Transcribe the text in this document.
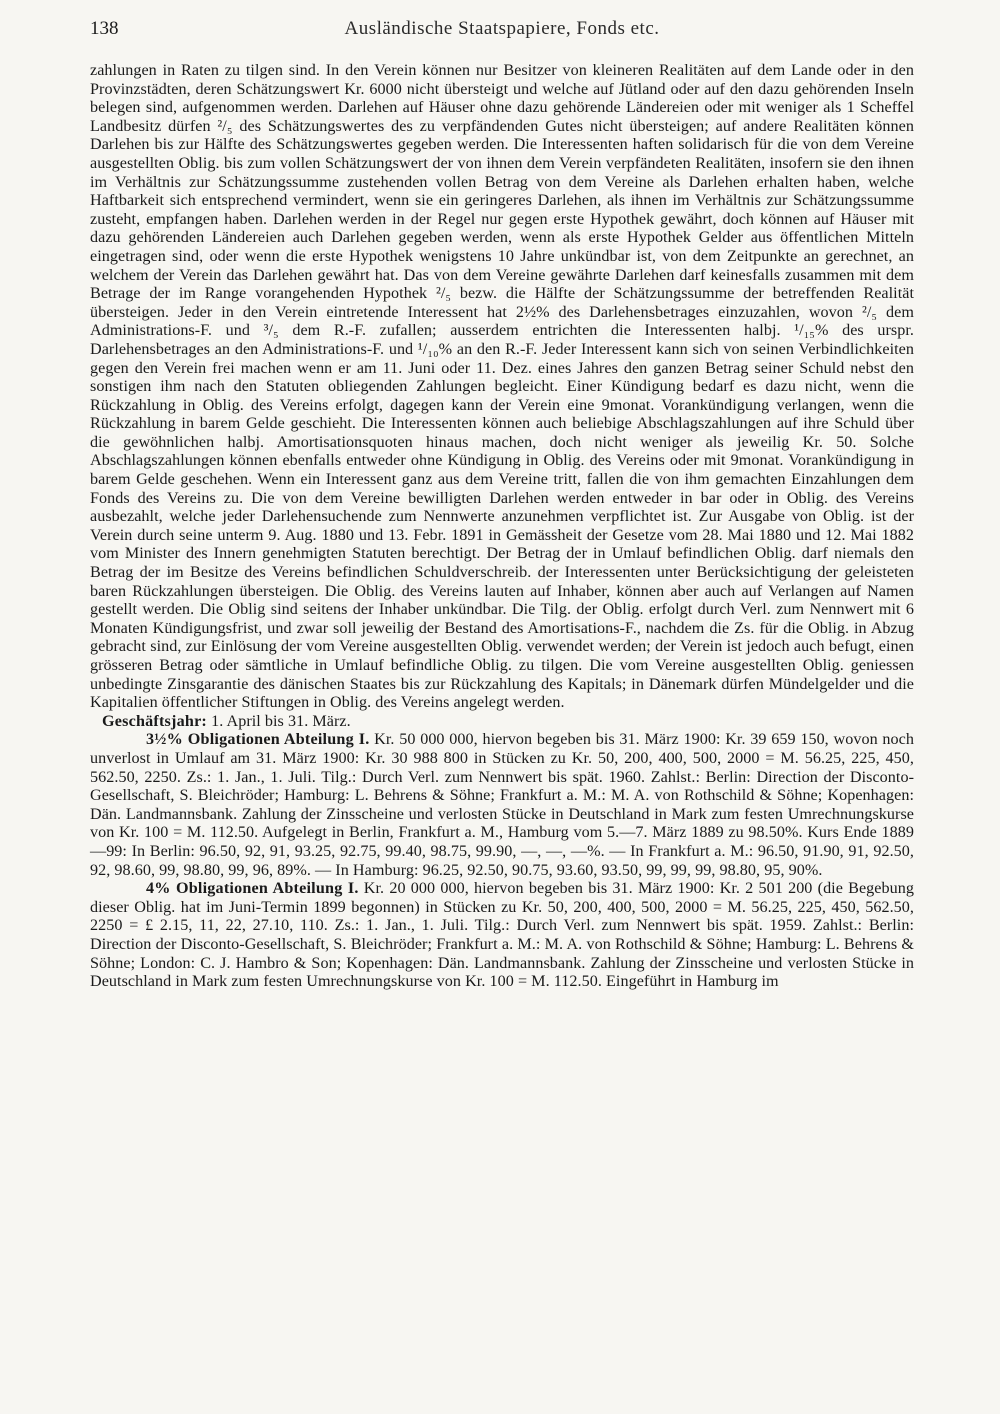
138	Ausländische Staatspapiere, Fonds etc.

zahlungen in Raten zu tilgen sind. In den Verein können nur Besitzer von kleineren Realitäten auf dem Lande oder in den Provinzstädten, deren Schätzungswert Kr. 6000 nicht übersteigt und welche auf Jütland oder auf den dazu gehörenden Inseln belegen sind, aufgenommen werden. Darlehen auf Häuser ohne dazu gehörende Ländereien oder mit weniger als 1 Scheffel Landbesitz dürfen ²/₅ des Schätzungswertes des zu verpfändenden Gutes nicht übersteigen; auf andere Realitäten können Darlehen bis zur Hälfte des Schätzungswertes gegeben werden. Die Interessenten haften solidarisch für die von dem Vereine ausgestellten Oblig. bis zum vollen Schätzungswert der von ihnen dem Verein verpfändeten Realitäten, insofern sie den ihnen im Verhältnis zur Schätzungssumme zustehenden vollen Betrag von dem Vereine als Darlehen erhalten haben, welche Haftbarkeit sich entsprechend vermindert, wenn sie ein geringeres Darlehen, als ihnen im Verhältnis zur Schätzungssumme zusteht, empfangen haben. Darlehen werden in der Regel nur gegen erste Hypothek gewährt, doch können auf Häuser mit dazu gehörenden Ländereien auch Darlehen gegeben werden, wenn als erste Hypothek Gelder aus öffentlichen Mitteln eingetragen sind, oder wenn die erste Hypothek wenigstens 10 Jahre unkündbar ist, von dem Zeitpunkte an gerechnet, an welchem der Verein das Darlehen gewährt hat. Das von dem Vereine gewährte Darlehen darf keinesfalls zusammen mit dem Betrage der im Range vorangehenden Hypothek ²/₅ bezw. die Hälfte der Schätzungssumme der betreffenden Realität übersteigen. Jeder in den Verein eintretende Interessent hat 2½% des Darlehensbetrages einzuzahlen, wovon ²/₅ dem Administrations-F. und ³/₅ dem R.-F. zufallen; ausserdem entrichten die Interessenten halbj. ¹/₁₅% des urspr. Darlehensbetrages an den Administrations-F. und ¹/₁₀% an den R.-F. Jeder Interessent kann sich von seinen Verbindlichkeiten gegen den Verein frei machen wenn er am 11. Juni oder 11. Dez. eines Jahres den ganzen Betrag seiner Schuld nebst den sonstigen ihm nach den Statuten obliegenden Zahlungen begleicht. Einer Kündigung bedarf es dazu nicht, wenn die Rückzahlung in Oblig. des Vereins erfolgt, dagegen kann der Verein eine 9monat. Vorankündigung verlangen, wenn die Rückzahlung in barem Gelde geschieht. Die Interessenten können auch beliebige Abschlagszahlungen auf ihre Schuld über die gewöhnlichen halbj. Amortisationsquoten hinaus machen, doch nicht weniger als jeweilig Kr. 50. Solche Abschlagszahlungen können ebenfalls entweder ohne Kündigung in Oblig. des Vereins oder mit 9monat. Vorankündigung in barem Gelde geschehen. Wenn ein Interessent ganz aus dem Vereine tritt, fallen die von ihm gemachten Einzahlungen dem Fonds des Vereins zu. Die von dem Vereine bewilligten Darlehen werden entweder in bar oder in Oblig. des Vereins ausbezahlt, welche jeder Darlehensuchende zum Nennwerte anzunehmen verpflichtet ist. Zur Ausgabe von Oblig. ist der Verein durch seine unterm 9. Aug. 1880 und 13. Febr. 1891 in Gemässheit der Gesetze vom 28. Mai 1880 und 12. Mai 1882 vom Minister des Innern genehmigten Statuten berechtigt. Der Betrag der in Umlauf befindlichen Oblig. darf niemals den Betrag der im Besitze des Vereins befindlichen Schuldverschreib. der Interessenten unter Berücksichtigung der geleisteten baren Rückzahlungen übersteigen. Die Oblig. des Vereins lauten auf Inhaber, können aber auch auf Verlangen auf Namen gestellt werden. Die Oblig sind seitens der Inhaber unkündbar. Die Tilg. der Oblig. erfolgt durch Verl. zum Nennwert mit 6 Monaten Kündigungsfrist, und zwar soll jeweilig der Bestand des Amortisations-F., nachdem die Zs. für die Oblig. in Abzug gebracht sind, zur Einlösung der vom Vereine ausgestellten Oblig. verwendet werden; der Verein ist jedoch auch befugt, einen grösseren Betrag oder sämtliche in Umlauf befindliche Oblig. zu tilgen. Die vom Vereine ausgestellten Oblig. geniessen unbedingte Zinsgarantie des dänischen Staates bis zur Rückzahlung des Kapitals; in Dänemark dürfen Mündelgelder und die Kapitalien öffentlicher Stiftungen in Oblig. des Vereins angelegt werden.

Geschäftsjahr: 1. April bis 31. März.

3½% Obligationen Abteilung I. Kr. 50 000 000, hiervon begeben bis 31. März 1900: Kr. 39 659 150, wovon noch unverlost in Umlauf am 31. März 1900: Kr. 30 988 800 in Stücken zu Kr. 50, 200, 400, 500, 2000 = M. 56.25, 225, 450, 562.50, 2250. Zs.: 1. Jan., 1. Juli. Tilg.: Durch Verl. zum Nennwert bis spät. 1960. Zahlst.: Berlin: Direction der Disconto-Gesellschaft, S. Bleichröder; Hamburg: L. Behrens & Söhne; Frankfurt a. M.: M. A. von Rothschild & Söhne; Kopenhagen: Dän. Landmannsbank. Zahlung der Zinsscheine und verlosten Stücke in Deutschland in Mark zum festen Umrechnungskurse von Kr. 100 = M. 112.50. Aufgelegt in Berlin, Frankfurt a. M., Hamburg vom 5.—7. März 1889 zu 98.50%. Kurs Ende 1889—99: In Berlin: 96.50, 92, 91, 93.25, 92.75, 99.40, 98.75, 99.90, —, —, —%. — In Frankfurt a. M.: 96.50, 91.90, 91, 92.50, 92, 98.60, 99, 98.80, 99, 96, 89%. — In Hamburg: 96.25, 92.50, 90.75, 93.60, 93.50, 99, 99, 99, 98.80, 95, 90%.

4% Obligationen Abteilung I. Kr. 20 000 000, hiervon begeben bis 31. März 1900: Kr. 2 501 200 (die Begebung dieser Oblig. hat im Juni-Termin 1899 begonnen) in Stücken zu Kr. 50, 200, 400, 500, 2000 = M. 56.25, 225, 450, 562.50, 2250 = £ 2.15, 11, 22, 27.10, 110. Zs.: 1. Jan., 1. Juli. Tilg.: Durch Verl. zum Nennwert bis spät. 1959. Zahlst.: Berlin: Direction der Disconto-Gesellschaft, S. Bleichröder; Frankfurt a. M.: M. A. von Rothschild & Söhne; Hamburg: L. Behrens & Söhne; London: C. J. Hambro & Son; Kopenhagen: Dän. Landmannsbank. Zahlung der Zinsscheine und verlosten Stücke in Deutschland in Mark zum festen Umrechnungskurse von Kr. 100 = M. 112.50. Eingeführt in Hamburg im
